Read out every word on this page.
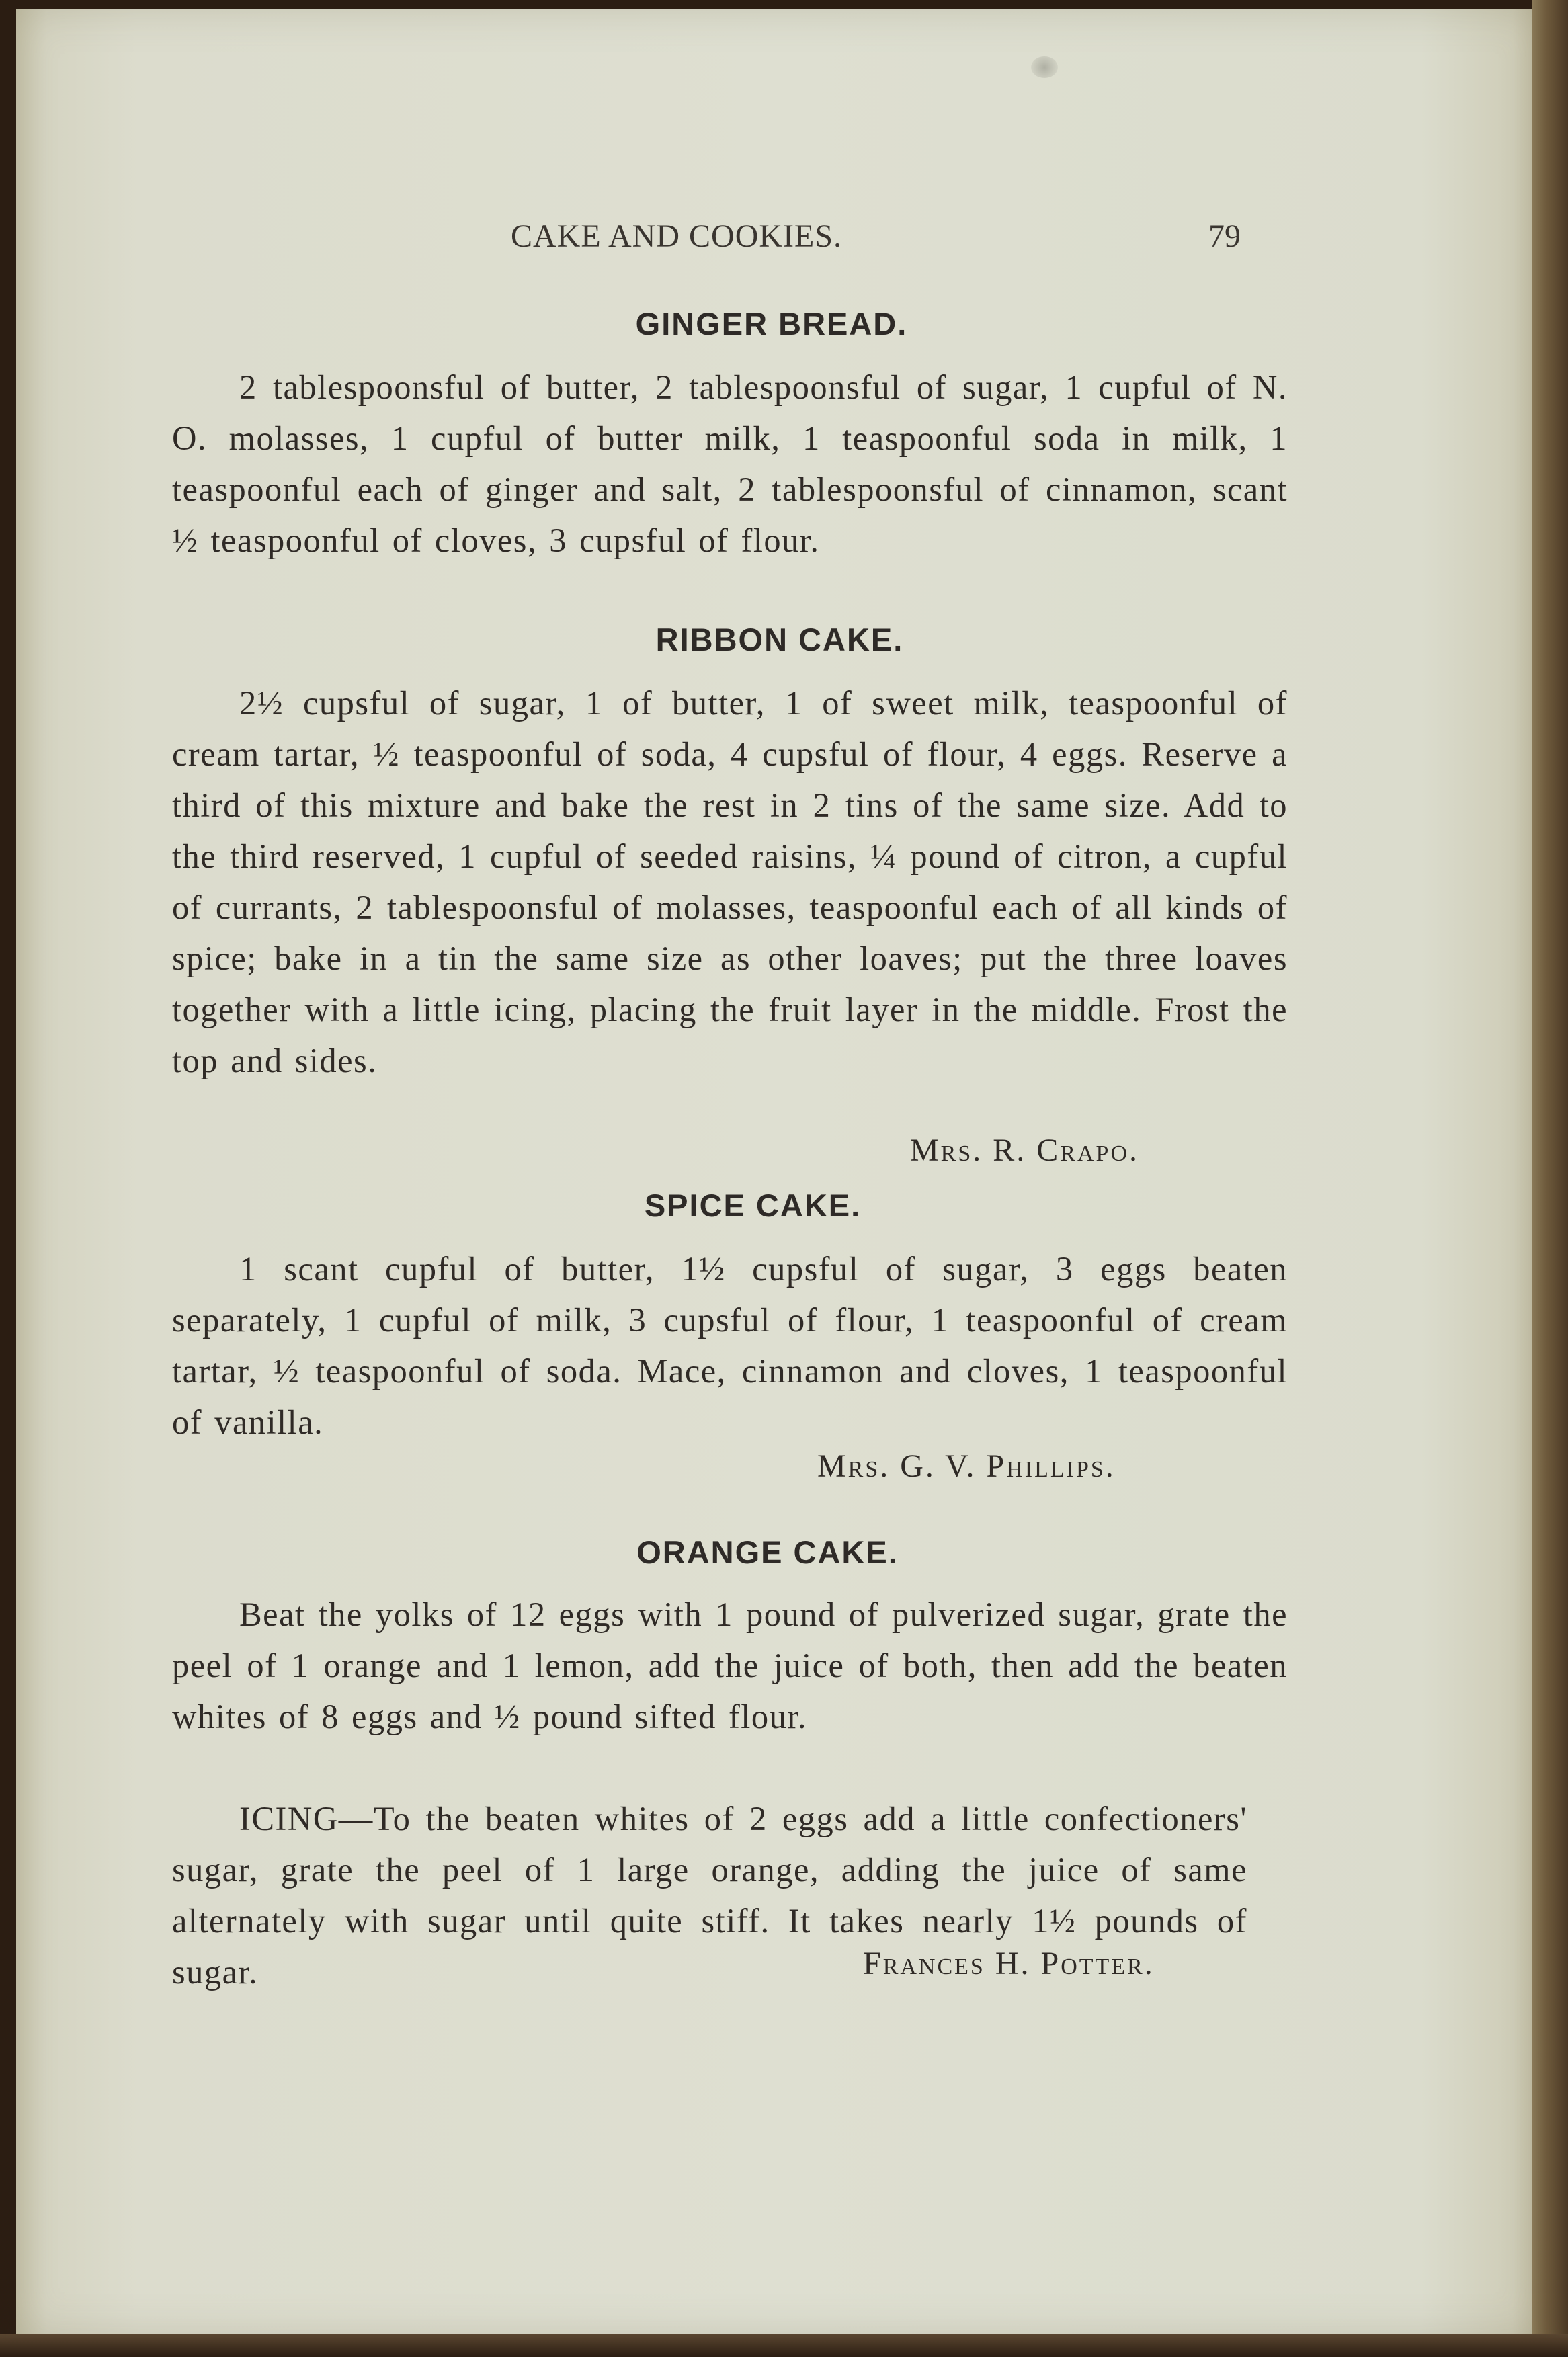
CAKE AND COOKIES.	79
GINGER BREAD.
2 tablespoonsful of butter, 2 tablespoonsful of sugar, 1 cupful of N. O. molasses, 1 cupful of butter milk, 1 teaspoonful soda in milk, 1 teaspoonful each of ginger and salt, 2 tablespoonsful of cinnamon, scant ½ teaspoonful of cloves, 3 cupsful of flour.
RIBBON CAKE.
2½ cupsful of sugar, 1 of butter, 1 of sweet milk, teaspoonful of cream tartar, ½ teaspoonful of soda, 4 cupsful of flour, 4 eggs. Reserve a third of this mixture and bake the rest in 2 tins of the same size. Add to the third reserved, 1 cupful of seeded raisins, ¼ pound of citron, a cupful of currants, 2 tablespoonsful of molasses, teaspoonful each of all kinds of spice; bake in a tin the same size as other loaves; put the three loaves together with a little icing, placing the fruit layer in the middle. Frost the top and sides.
Mrs. R. Crapo.
SPICE CAKE.
1 scant cupful of butter, 1½ cupsful of sugar, 3 eggs beaten separately, 1 cupful of milk, 3 cupsful of flour, 1 teaspoonful of cream tartar, ½ teaspoonful of soda. Mace, cinnamon and cloves, 1 teaspoonful of vanilla.
Mrs. G. V. Phillips.
ORANGE CAKE.
Beat the yolks of 12 eggs with 1 pound of pulverized sugar, grate the peel of 1 orange and 1 lemon, add the juice of both, then add the beaten whites of 8 eggs and ½ pound sifted flour.
ICING—To the beaten whites of 2 eggs add a little confectioners' sugar, grate the peel of 1 large orange, adding the juice of same alternately with sugar until quite stiff. It takes nearly 1½ pounds of sugar.	Frances H. Potter.
